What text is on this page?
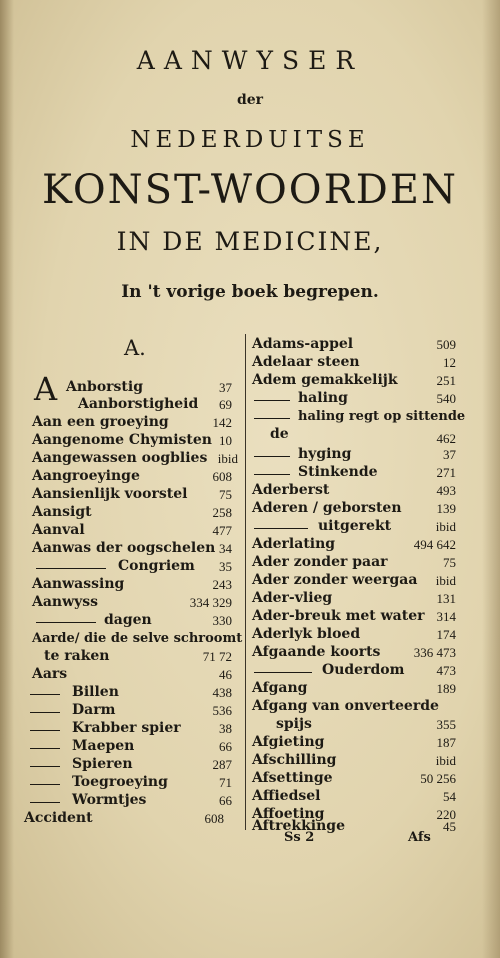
AANWYSER
der
NEDERDUITSE
KONST-WOORDEN
IN DE MEDICINE,
In 't vorige boek begrepen.
A.
A Anborstig	37
Aanborstigheid 69
Aan een groeying	142
Aangenome Chymisten 10
Aangewassen oogblies ibid
Aangroeyinge	608
Aansienlijk voorstel 75
Aansigt	258
Aanval	477
Aanwas der oogschelen 34
Congriem 35
Aanwassing	243
Aanwyss	334 329
dagen	330
Aarde/ die de selve schroomt
te raken	71 72
Aars	46
Billen	438
Darm	536
Krabber spier	38
Maepen	66
Spieren	287
Toegroeying	71
Wormtjes	66
Accident	608
Adams-appel	509
Adelaar steen	12
Adem gemakkelijk	251
haling	540
haling regt op sittende
de	462
hyging	37
Stinkende	271
Aderberst	493
Aderen / geborsten	139
uitgerekt	ibid
Aderlating	494 642
Ader zonder paar	75
Ader zonder weergaa ibid
Ader-vlieg	131
Ader-breuk met water 314
Aderlyk bloed	174
Afgaande koorts	336 473
Ouderdom 473
Afgang	189
Afgang van onverteerde
spijs	355
Afgieting	187
Afschilling	ibid
Afsettinge	50 256
Affiedsel	54
Affoeting	220
Aftrekkinge	45
Ss 2	Afs
